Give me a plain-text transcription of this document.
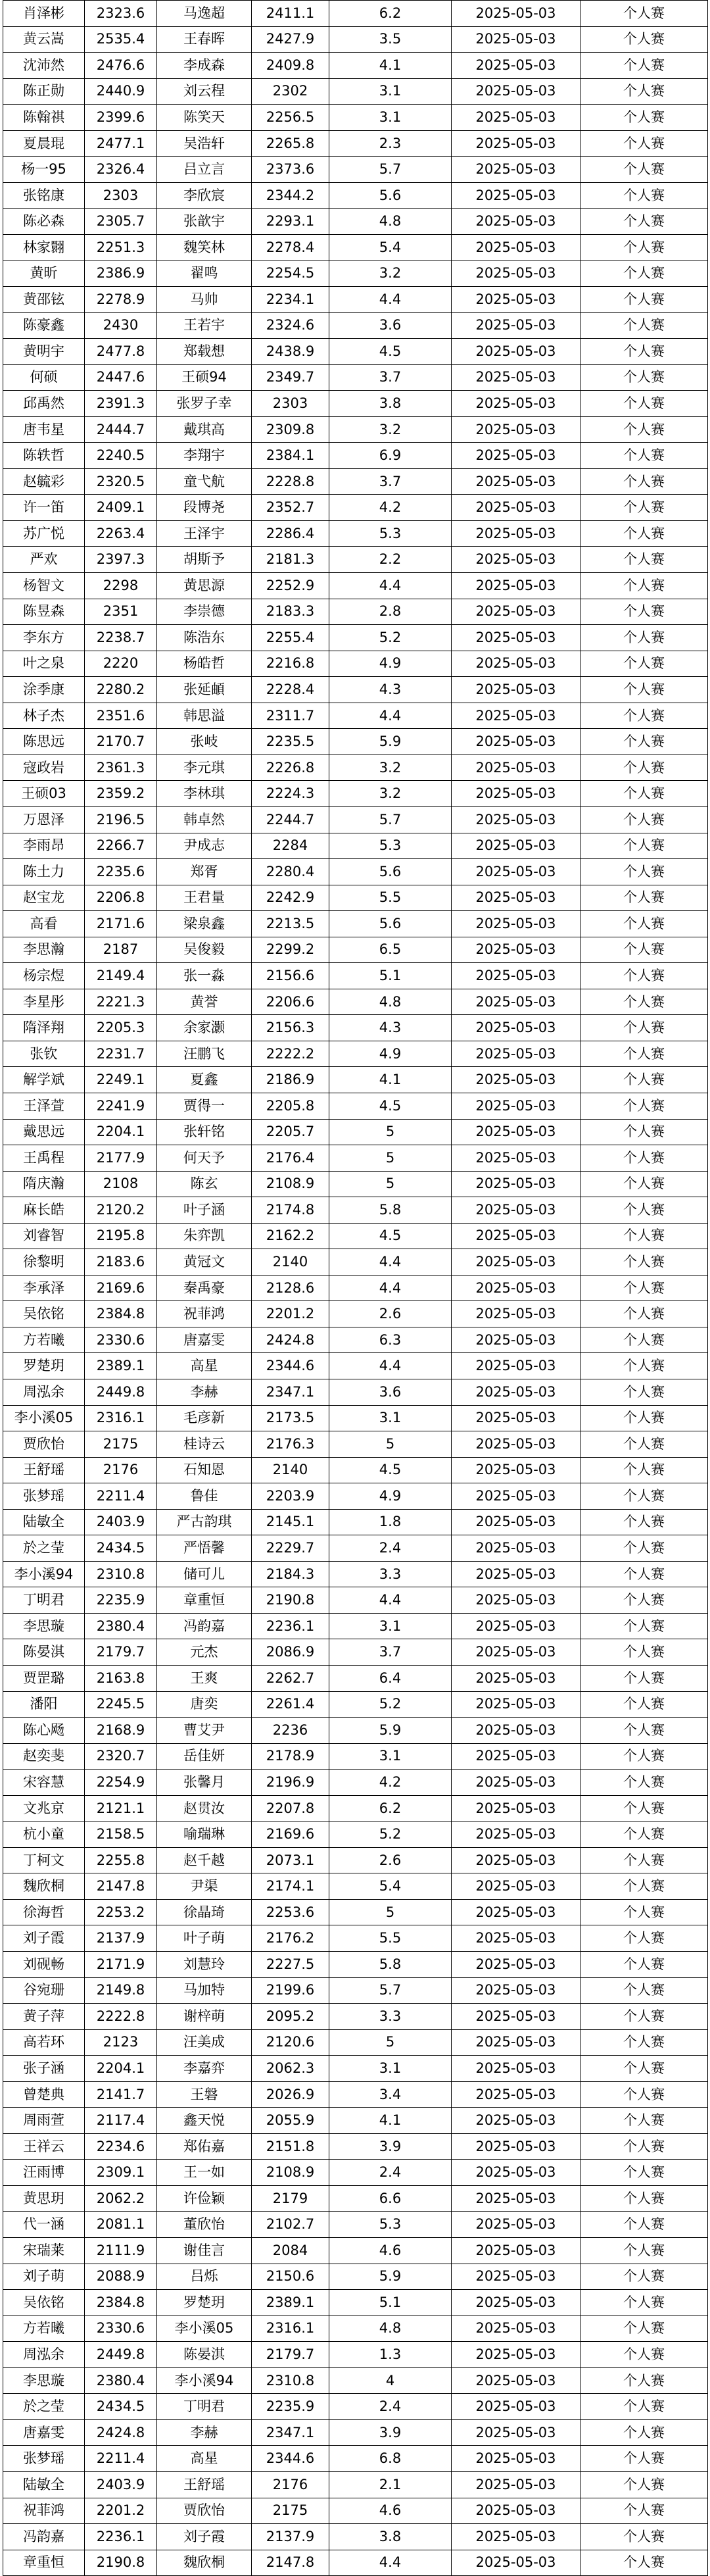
肖泽彬	2323.6	马逸超	2411.1	6.2	2025-05-03	个人赛
黄云嵩	2535.4	王春晖	2427.9	3.5	2025-05-03	个人赛
沈沛然	2476.6	李成森	2409.8	4.1	2025-05-03	个人赛
陈正勋	2440.9	刘云程	2302	3.1	2025-05-03	个人赛
陈翰祺	2399.6	陈笑天	2256.5	3.1	2025-05-03	个人赛
夏晨琨	2477.1	吴浩轩	2265.8	2.3	2025-05-03	个人赛
杨一95	2326.4	吕立言	2373.6	5.7	2025-05-03	个人赛
张铭康	2303	李欣宸	2344.2	5.6	2025-05-03	个人赛
陈必森	2305.7	张歆宇	2293.1	4.8	2025-05-03	个人赛
林家翾	2251.3	魏笑林	2278.4	5.4	2025-05-03	个人赛
黄昕	2386.9	翟鸣	2254.5	3.2	2025-05-03	个人赛
黄邵铉	2278.9	马帅	2234.1	4.4	2025-05-03	个人赛
陈豪鑫	2430	王若宇	2324.6	3.6	2025-05-03	个人赛
黄明宇	2477.8	郑载想	2438.9	4.5	2025-05-03	个人赛
何硕	2447.6	王硕94	2349.7	3.7	2025-05-03	个人赛
邱禹然	2391.3	张罗子幸	2303	3.8	2025-05-03	个人赛
唐韦星	2444.7	戴琪高	2309.8	3.2	2025-05-03	个人赛
陈轶哲	2240.5	李翔宇	2384.1	6.9	2025-05-03	个人赛
赵毓彩	2320.5	童弋航	2228.8	3.7	2025-05-03	个人赛
许一笛	2409.1	段博尧	2352.7	4.2	2025-05-03	个人赛
苏广悦	2263.4	王泽宇	2286.4	5.3	2025-05-03	个人赛
严欢	2397.3	胡斯予	2181.3	2.2	2025-05-03	个人赛
杨智文	2298	黄思源	2252.9	4.4	2025-05-03	个人赛
陈昱森	2351	李崇德	2183.3	2.8	2025-05-03	个人赛
李东方	2238.7	陈浩东	2255.4	5.2	2025-05-03	个人赛
叶之泉	2220	杨皓哲	2216.8	4.9	2025-05-03	个人赛
涂季康	2280.2	张延頔	2228.4	4.3	2025-05-03	个人赛
林子杰	2351.6	韩思溢	2311.7	4.4	2025-05-03	个人赛
陈思远	2170.7	张岐	2235.5	5.9	2025-05-03	个人赛
寇政岩	2361.3	李元琪	2226.8	3.2	2025-05-03	个人赛
王硕03	2359.2	李林琪	2224.3	3.2	2025-05-03	个人赛
万恩泽	2196.5	韩卓然	2244.7	5.7	2025-05-03	个人赛
李雨昂	2266.7	尹成志	2284	5.3	2025-05-03	个人赛
陈土力	2235.6	郑胥	2280.4	5.6	2025-05-03	个人赛
赵宝龙	2206.8	王君量	2242.9	5.5	2025-05-03	个人赛
高看	2171.6	梁泉鑫	2213.5	5.6	2025-05-03	个人赛
李思瀚	2187	吴俊毅	2299.2	6.5	2025-05-03	个人赛
杨宗煜	2149.4	张一淼	2156.6	5.1	2025-05-03	个人赛
李星彤	2221.3	黄誉	2206.6	4.8	2025-05-03	个人赛
隋泽翔	2205.3	余家灏	2156.3	4.3	2025-05-03	个人赛
张钦	2231.7	汪鹏飞	2222.2	4.9	2025-05-03	个人赛
解学斌	2249.1	夏鑫	2186.9	4.1	2025-05-03	个人赛
王泽萱	2241.9	贾得一	2205.8	4.5	2025-05-03	个人赛
戴思远	2204.1	张轩铭	2205.7	5	2025-05-03	个人赛
王禹程	2177.9	何天予	2176.4	5	2025-05-03	个人赛
隋庆瀚	2108	陈玄	2108.9	5	2025-05-03	个人赛
麻长皓	2120.2	叶子涵	2174.8	5.8	2025-05-03	个人赛
刘睿智	2195.8	朱弈凯	2162.2	4.5	2025-05-03	个人赛
徐黎明	2183.6	黄冠文	2140	4.4	2025-05-03	个人赛
李承泽	2169.6	秦禹豪	2128.6	4.4	2025-05-03	个人赛
吴依铭	2384.8	祝菲鸿	2201.2	2.6	2025-05-03	个人赛
方若曦	2330.6	唐嘉雯	2424.8	6.3	2025-05-03	个人赛
罗楚玥	2389.1	高星	2344.6	4.4	2025-05-03	个人赛
周泓余	2449.8	李赫	2347.1	3.6	2025-05-03	个人赛
李小溪05	2316.1	毛彦新	2173.5	3.1	2025-05-03	个人赛
贾欣怡	2175	桂诗云	2176.3	5	2025-05-03	个人赛
王舒瑶	2176	石知恩	2140	4.5	2025-05-03	个人赛
张梦瑶	2211.4	鲁佳	2203.9	4.9	2025-05-03	个人赛
陆敏全	2403.9	严古韵琪	2145.1	1.8	2025-05-03	个人赛
於之莹	2434.5	严悟馨	2229.7	2.4	2025-05-03	个人赛
李小溪94	2310.8	储可儿	2184.3	3.3	2025-05-03	个人赛
丁明君	2235.9	章重恒	2190.8	4.4	2025-05-03	个人赛
李思璇	2380.4	冯韵嘉	2236.1	3.1	2025-05-03	个人赛
陈晏淇	2179.7	元杰	2086.9	3.7	2025-05-03	个人赛
贾罡璐	2163.8	王爽	2262.7	6.4	2025-05-03	个人赛
潘阳	2245.5	唐奕	2261.4	5.2	2025-05-03	个人赛
陈心飏	2168.9	曹艾尹	2236	5.9	2025-05-03	个人赛
赵奕斐	2320.7	岳佳妍	2178.9	3.1	2025-05-03	个人赛
宋容慧	2254.9	张馨月	2196.9	4.2	2025-05-03	个人赛
文兆京	2121.1	赵贯汝	2207.8	6.2	2025-05-03	个人赛
杭小童	2158.5	喻瑞琳	2169.6	5.2	2025-05-03	个人赛
丁柯文	2255.8	赵千越	2073.1	2.6	2025-05-03	个人赛
魏欣桐	2147.8	尹渠	2174.1	5.4	2025-05-03	个人赛
徐海哲	2253.2	徐晶琦	2253.6	5	2025-05-03	个人赛
刘子霞	2137.9	叶子萌	2176.2	5.5	2025-05-03	个人赛
刘砚畅	2171.9	刘慧玲	2227.5	5.8	2025-05-03	个人赛
谷宛珊	2149.8	马加特	2199.6	5.7	2025-05-03	个人赛
黄子萍	2222.8	谢梓萌	2095.2	3.3	2025-05-03	个人赛
高若环	2123	汪美成	2120.6	5	2025-05-03	个人赛
张子涵	2204.1	李嘉弈	2062.3	3.1	2025-05-03	个人赛
曾楚典	2141.7	王磐	2026.9	3.4	2025-05-03	个人赛
周雨萱	2117.4	鑫天悦	2055.9	4.1	2025-05-03	个人赛
王祥云	2234.6	郑佑嘉	2151.8	3.9	2025-05-03	个人赛
汪雨博	2309.1	王一如	2108.9	2.4	2025-05-03	个人赛
黄思玥	2062.2	许俭颖	2179	6.6	2025-05-03	个人赛
代一涵	2081.1	董欣怡	2102.7	5.3	2025-05-03	个人赛
宋瑞莱	2111.9	谢佳言	2084	4.6	2025-05-03	个人赛
刘子萌	2088.9	吕烁	2150.6	5.9	2025-05-03	个人赛
吴依铭	2384.8	罗楚玥	2389.1	5.1	2025-05-03	个人赛
方若曦	2330.6	李小溪05	2316.1	4.8	2025-05-03	个人赛
周泓余	2449.8	陈晏淇	2179.7	1.3	2025-05-03	个人赛
李思璇	2380.4	李小溪94	2310.8	4	2025-05-03	个人赛
於之莹	2434.5	丁明君	2235.9	2.4	2025-05-03	个人赛
唐嘉雯	2424.8	李赫	2347.1	3.9	2025-05-03	个人赛
张梦瑶	2211.4	高星	2344.6	6.8	2025-05-03	个人赛
陆敏全	2403.9	王舒瑶	2176	2.1	2025-05-03	个人赛
祝菲鸿	2201.2	贾欣怡	2175	4.6	2025-05-03	个人赛
冯韵嘉	2236.1	刘子霞	2137.9	3.8	2025-05-03	个人赛
章重恒	2190.8	魏欣桐	2147.8	4.4	2025-05-03	个人赛
